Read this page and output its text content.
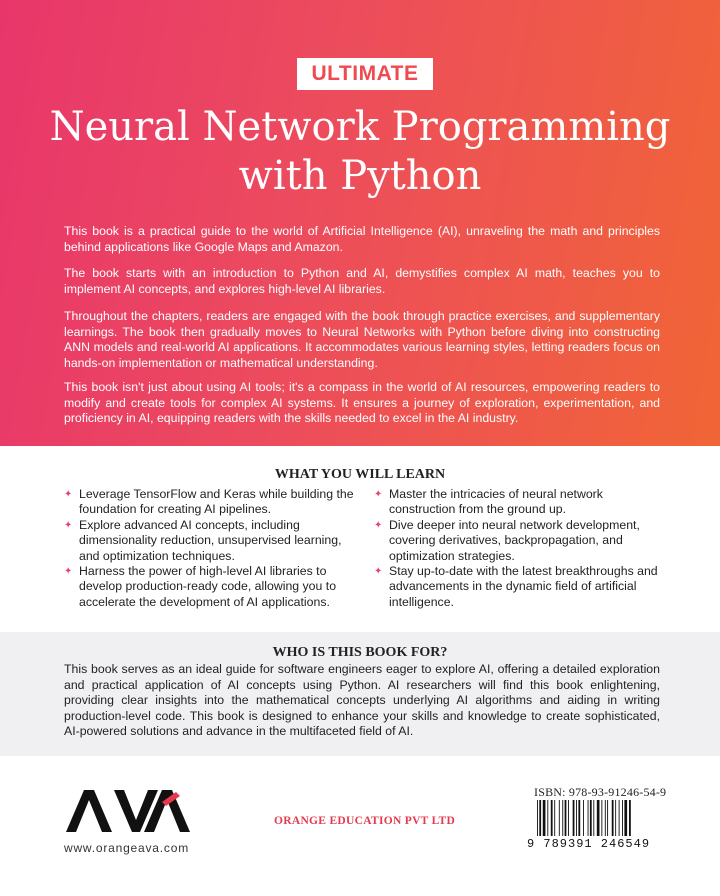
ULTIMATE
Neural Network Programming
with Python

This book is a practical guide to the world of Artificial Intelligence (AI), unraveling the math and principles behind applications like Google Maps and Amazon.

The book starts with an introduction to Python and AI, demystifies complex AI math, teaches you to implement AI concepts, and explores high-level AI libraries.

Throughout the chapters, readers are engaged with the book through practice exercises, and supplementary learnings. The book then gradually moves to Neural Networks with Python before diving into constructing ANN models and real-world AI applications. It accommodates various learning styles, letting readers focus on hands-on implementation or mathematical understanding.

This book isn't just about using AI tools; it's a compass in the world of AI resources, empowering readers to modify and create tools for complex AI systems. It ensures a journey of exploration, experimentation, and proficiency in AI, equipping readers with the skills needed to excel in the AI industry.

WHAT YOU WILL LEARN
✦ Leverage TensorFlow and Keras while building the foundation for creating AI pipelines.
✦ Explore advanced AI concepts, including dimensionality reduction, unsupervised learning, and optimization techniques.
✦ Harness the power of high-level AI libraries to develop production-ready code, allowing you to accelerate the development of AI applications.
✦ Master the intricacies of neural network construction from the ground up.
✦ Dive deeper into neural network development, covering derivatives, backpropagation, and optimization strategies.
✦ Stay up-to-date with the latest breakthroughs and advancements in the dynamic field of artificial intelligence.
WHO IS THIS BOOK FOR?

This book serves as an ideal guide for software engineers eager to explore AI, offering a detailed exploration and practical application of AI concepts using Python. AI researchers will find this book enlightening, providing clear insights into the mathematical concepts underlying AI algorithms and aiding in writing production-level code. This book is designed to enhance your skills and knowledge to create sophisticated, AI-powered solutions and advance in the multifaceted field of AI.

www.orangeava.com
ORANGE EDUCATION PVT LTD
ISBN: 978-93-91246-54-9
9 789391 246549
